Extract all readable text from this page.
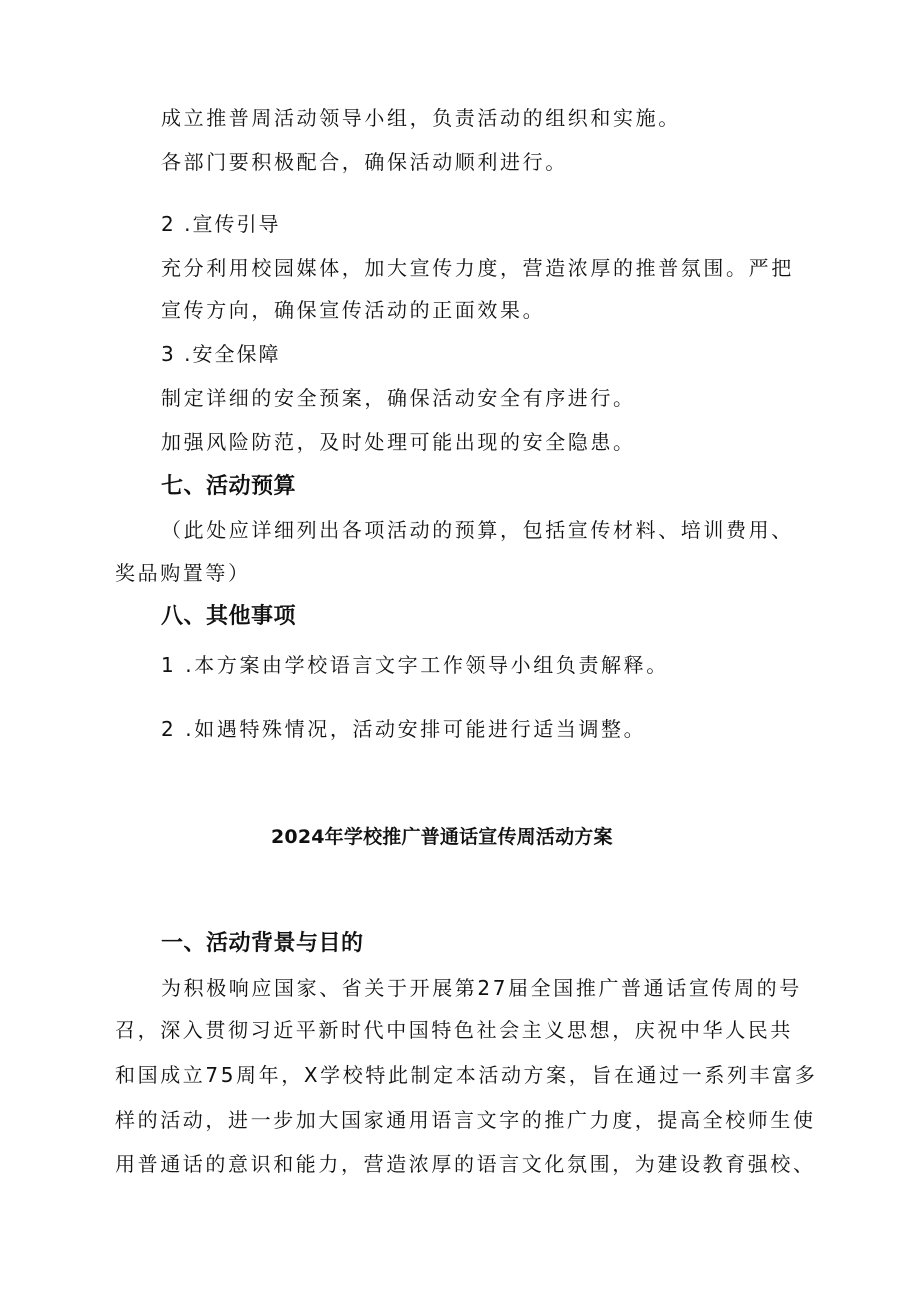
成立推普周活动领导小组，负责活动的组织和实施。
各部门要积极配合，确保活动顺利进行。
2 .宣传引导
充分利用校园媒体，加大宣传力度，营造浓厚的推普氛围。严把
宣传方向，确保宣传活动的正面效果。
3 .安全保障
制定详细的安全预案，确保活动安全有序进行。
加强风险防范，及时处理可能出现的安全隐患。
七、活动预算
（此处应详细列出各项活动的预算，包括宣传材料、培训费用、
奖品购置等）
八、其他事项
1 .本方案由学校语言文字工作领导小组负责解释。
2 .如遇特殊情况，活动安排可能进行适当调整。
2024年学校推广普通话宣传周活动方案
一、活动背景与目的
为积极响应国家、省关于开展第27届全国推广普通话宣传周的号
召，深入贯彻习近平新时代中国特色社会主义思想，庆祝中华人民共
和国成立75周年，X学校特此制定本活动方案，旨在通过一系列丰富多
样的活动，进一步加大国家通用语言文字的推广力度，提高全校师生使
用普通话的意识和能力，营造浓厚的语言文化氛围，为建设教育强校、
